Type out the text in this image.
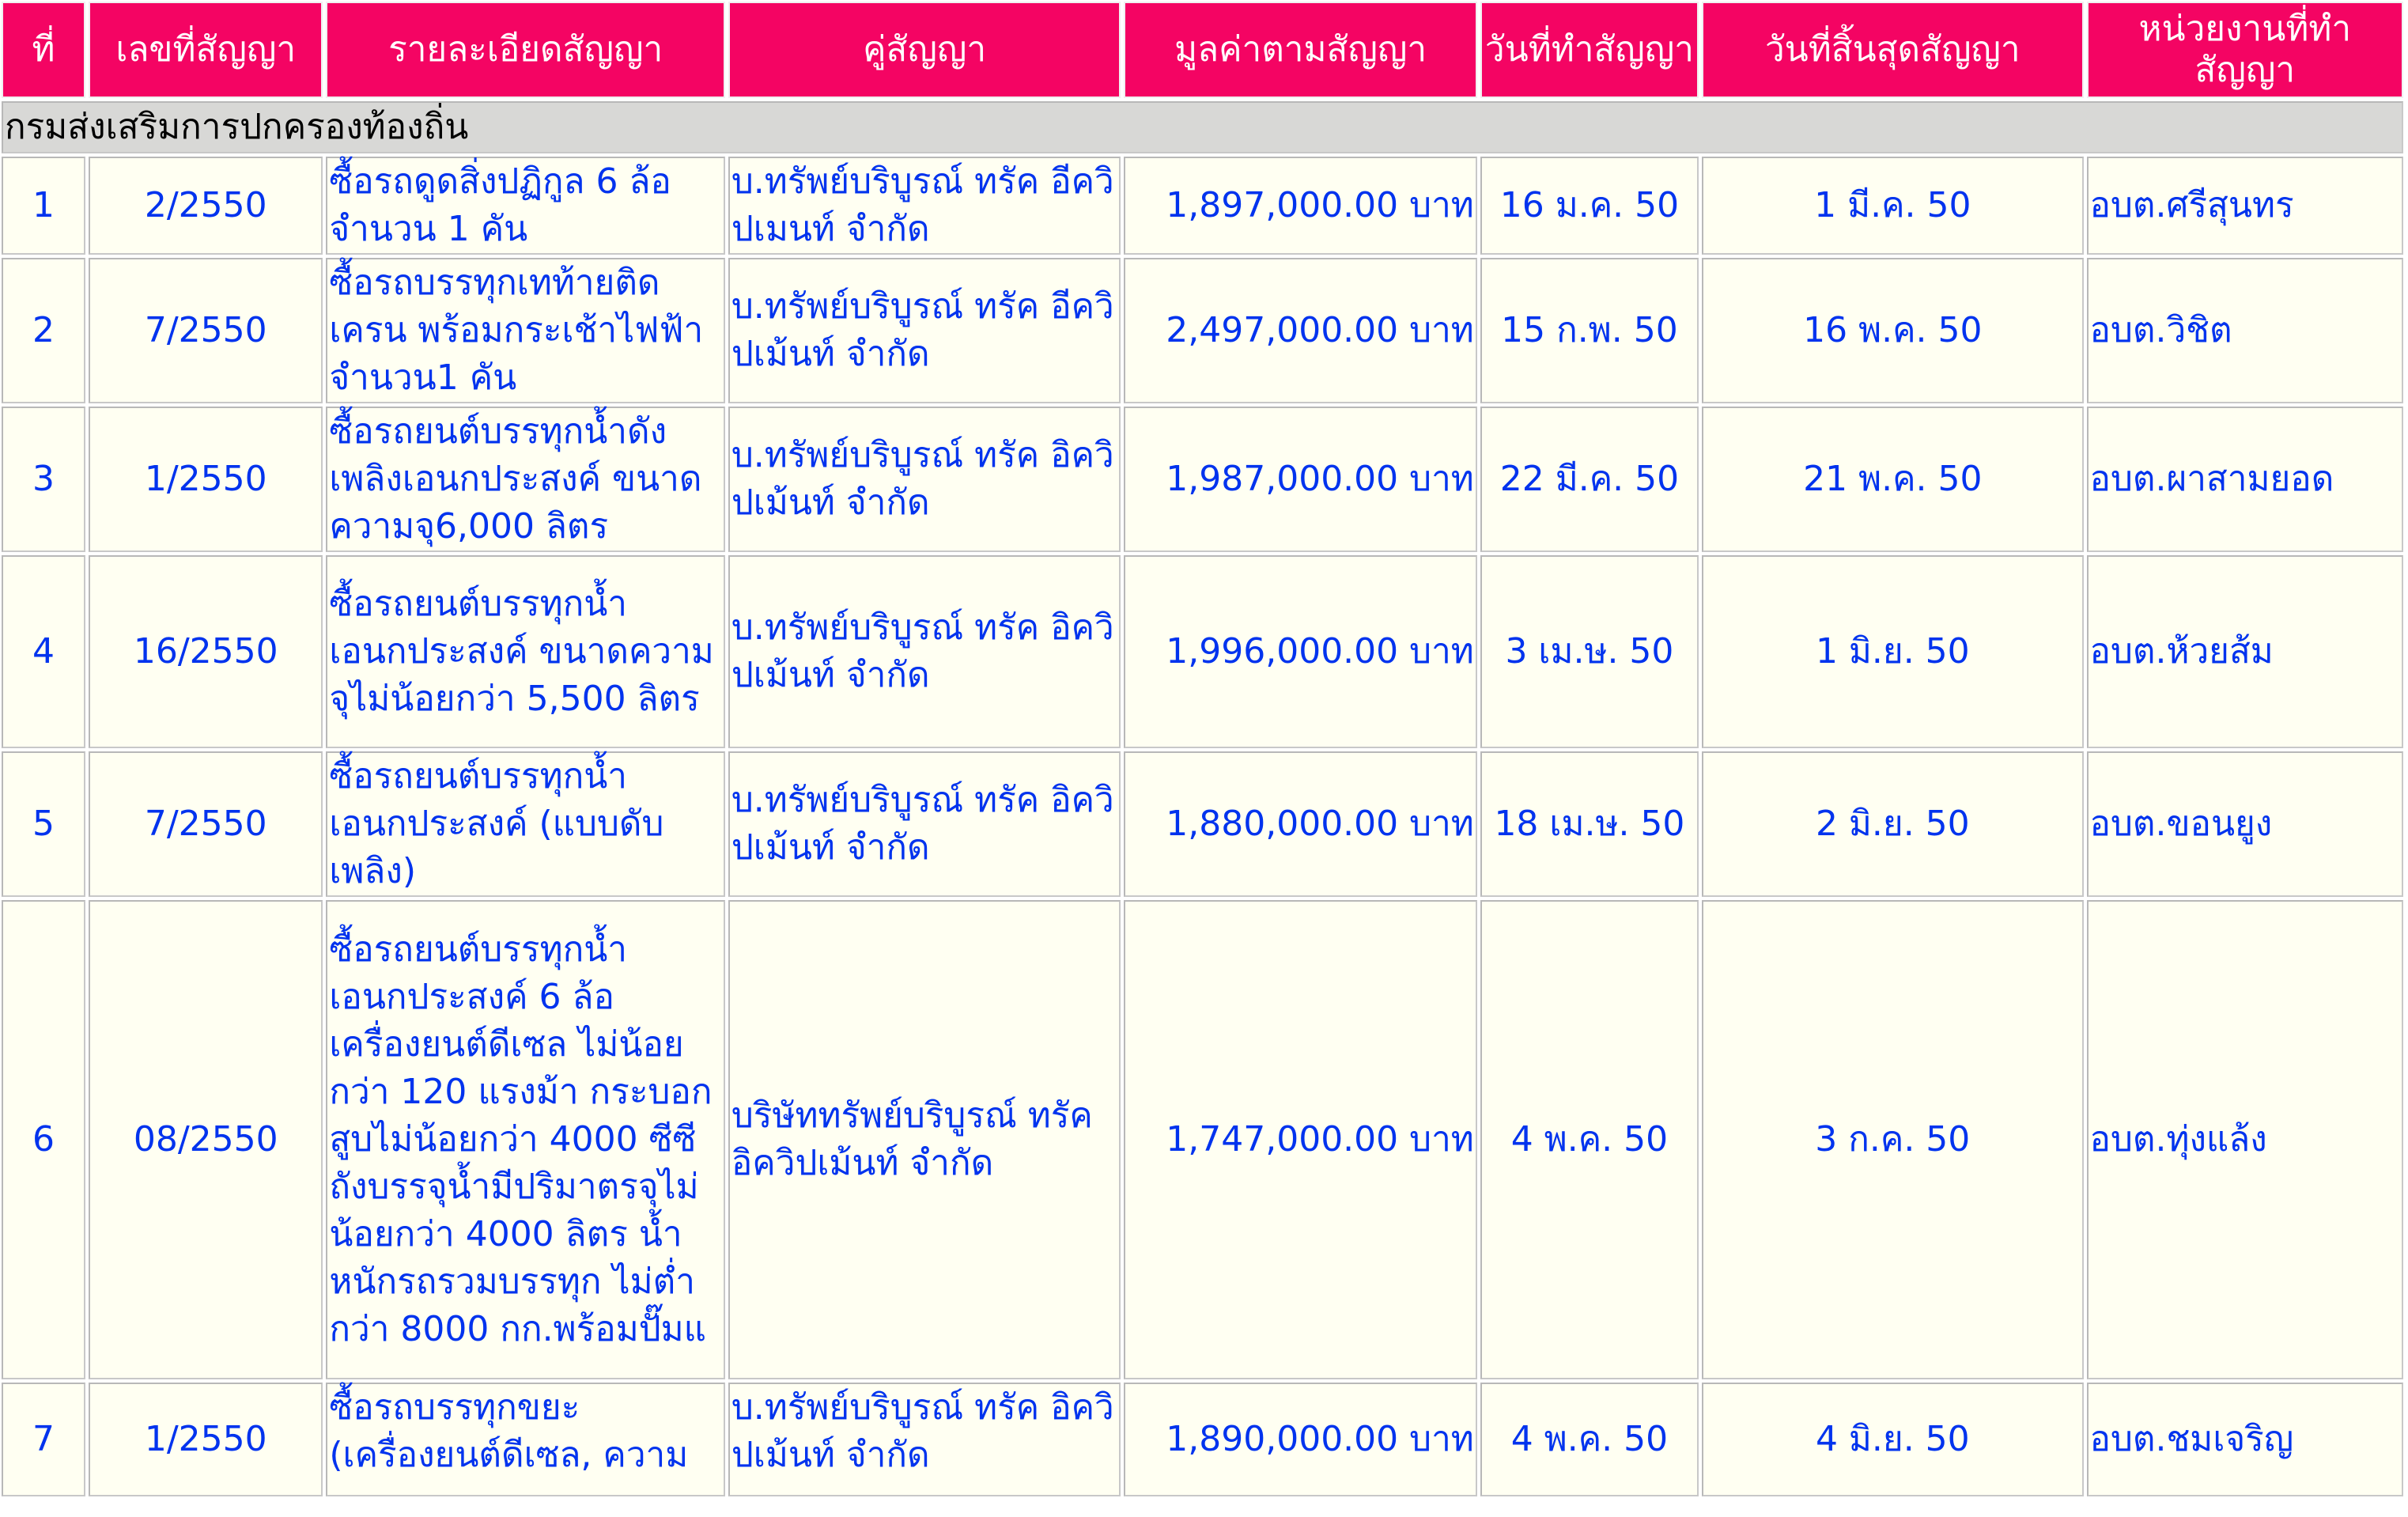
ที่	เลขที่สัญญา	รายละเอียดสัญญา	คู่สัญญา	มูลค่าตามสัญญา	วันที่ทำสัญญา	วันที่สิ้นสุดสัญญา	หน่วยงานที่ทำสัญญา
กรมส่งเสริมการปกครองท้องถิ่น							
1	2/2550	ซื้อรถดูดสิ่งปฏิกูล 6 ล้อ จำนวน 1 คัน	บ.ทรัพย์บริบูรณ์ ทรัค อีควิปเมนท์ จำกัด	1,897,000.00 บาท	16 ม.ค. 50	1 มี.ค. 50	อบต.ศรีสุนทร
2	7/2550	ซื้อรถบรรทุกเทท้ายติดเครน พร้อมกระเช้าไฟฟ้า จำนวน1 คัน	บ.ทรัพย์บริบูรณ์ ทรัค อีควิปเม้นท์ จำกัด	2,497,000.00 บาท	15 ก.พ. 50	16 พ.ค. 50	อบต.วิชิต
3	1/2550	ซื้อรถยนต์บรรทุกน้ำดังเพลิงเอนกประสงค์ ขนาดความจุ6,000 ลิตร	บ.ทรัพย์บริบูรณ์ ทรัค อิควิปเม้นท์ จำกัด	1,987,000.00 บาท	22 มี.ค. 50	21 พ.ค. 50	อบต.ผาสามยอด
4	16/2550	ซื้อรถยนต์บรรทุกน้ำเอนกประสงค์ ขนาดความจุไม่น้อยกว่า 5,500 ลิตร	บ.ทรัพย์บริบูรณ์ ทรัค อิควิปเม้นท์ จำกัด	1,996,000.00 บาท	3 เม.ษ. 50	1 มิ.ย. 50	อบต.ห้วยส้ม
5	7/2550	ซื้อรถยนต์บรรทุกน้ำเอนกประสงค์ (แบบดับเพลิง)	บ.ทรัพย์บริบูรณ์ ทรัค อิควิปเม้นท์ จำกัด	1,880,000.00 บาท	18 เม.ษ. 50	2 มิ.ย. 50	อบต.ขอนยูง
6	08/2550	ซื้อรถยนต์บรรทุกน้ำเอนกประสงค์ 6 ล้อ เครื่องยนต์ดีเซล ไม่น้อยกว่า 120 แรงม้า กระบอกสูบไม่น้อยกว่า 4000 ซีซี ถังบรรจุน้ำมีปริมาตรจุไม่น้อยกว่า 4000 ลิตร น้ำหนักรถรวมบรรทุก ไม่ต่ำกว่า 8000 กก.พร้อมปั๊มแ	บริษัททรัพย์บริบูรณ์ ทรัค อิควิปเม้นท์ จำกัด	1,747,000.00 บาท	4 พ.ค. 50	3 ก.ค. 50	อบต.ทุ่งแล้ง
7	1/2550	ซื้อรถบรรทุกขยะ (เครื่องยนต์ดีเซล, ความ	บ.ทรัพย์บริบูรณ์ ทรัค อิควิปเม้นท์ จำกัด	1,890,000.00 บาท	4 พ.ค. 50	4 มิ.ย. 50	อบต.ชมเจริญ
